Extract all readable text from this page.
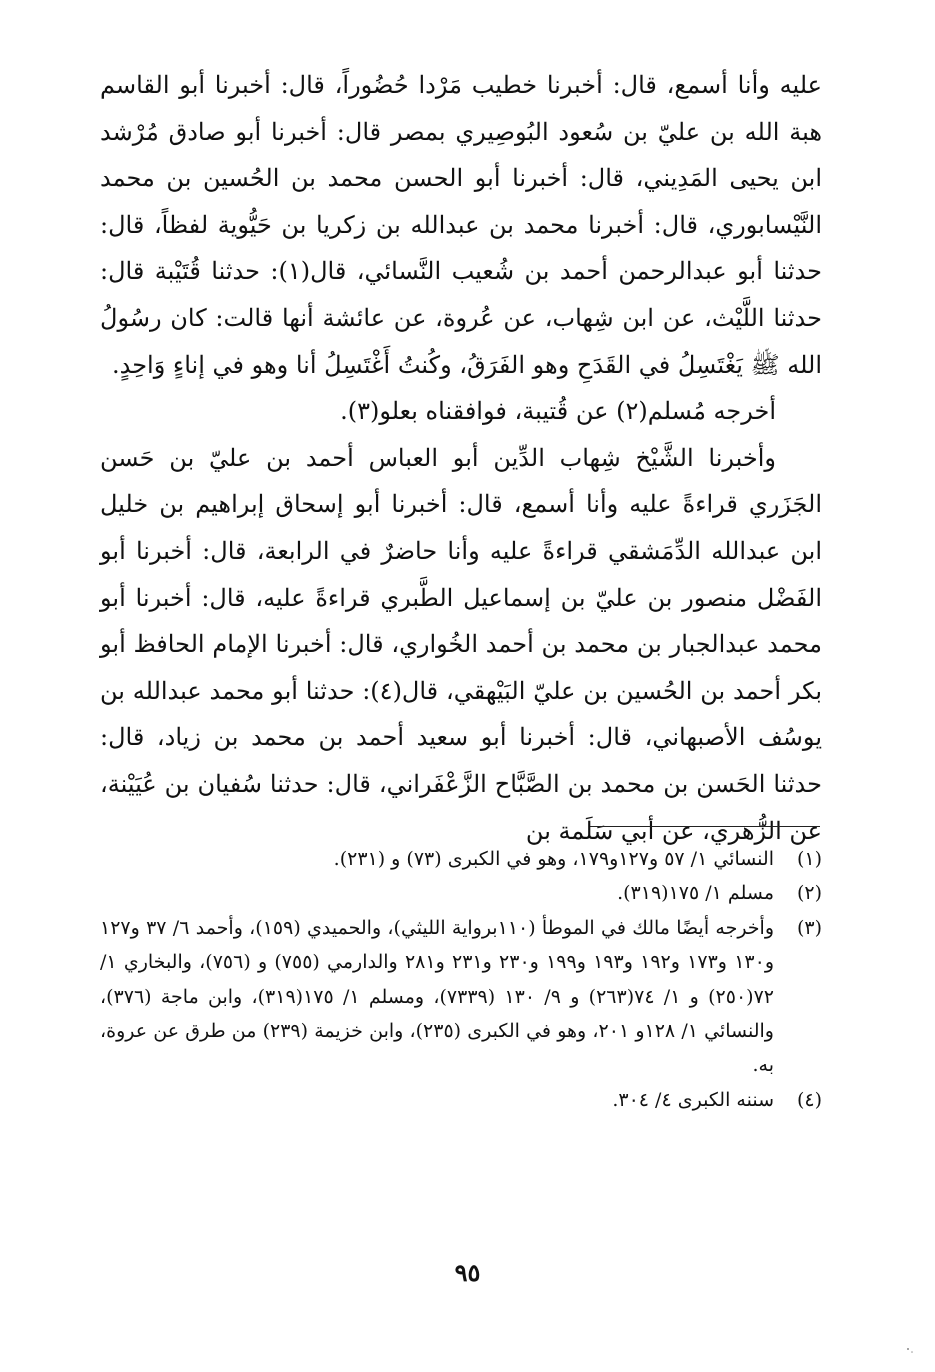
عليه وأنا أسمع، قال: أخبرنا خطيب مَرْدا حُضُوراً، قال: أخبرنا أبو القاسم هبة الله بن عليّ بن سُعود البُوصِيري بمصر قال: أخبرنا أبو صادق مُرْشد ابن يحيى المَدِيني، قال: أخبرنا أبو الحسن محمد بن الحُسين بن محمد النَّيْسابوري، قال: أخبرنا محمد بن عبدالله بن زكريا بن حَيُّوية لفظاً، قال: حدثنا أبو عبدالرحمن أحمد بن شُعيب النَّسائي، قال(١): حدثنا قُتَيْبة قال: حدثنا اللَّيْث، عن ابن شِهاب، عن عُروة، عن عائشة أنها قالت: كان رسُولُ الله ﷺ يَغْتَسِلُ في القَدَحِ وهو الفَرَقُ، وكُنتُ أَغْتَسِلُ أنا وهو في إناءٍ وَاحِدٍ.

أخرجه مُسلم(٢) عن قُتيبة، فوافقناه بعلو(٣).

وأخبرنا الشَّيْخ شِهاب الدِّين أبو العباس أحمد بن عليّ بن حَسن الجَزَري قراءةً عليه وأنا أسمع، قال: أخبرنا أبو إسحاق إبراهيم بن خليل ابن عبدالله الدِّمَشقي قراءةً عليه وأنا حاضرٌ في الرابعة، قال: أخبرنا أبو الفَضْل منصور بن عليّ بن إسماعيل الطَّبري قراءةً عليه، قال: أخبرنا أبو محمد عبدالجبار بن محمد بن أحمد الخُواري، قال: أخبرنا الإمام الحافظ أبو بكر أحمد بن الحُسين بن عليّ البَيْهقي، قال(٤): حدثنا أبو محمد عبدالله بن يوسُف الأصبهاني، قال: أخبرنا أبو سعيد أحمد بن محمد بن زياد، قال: حدثنا الحَسن بن محمد بن الصَّبَّاح الزَّعْفَراني، قال: حدثنا سُفيان بن عُيَيْنة، عن الزُّهري، عن أبي سَلَمة بن

(١)
النسائي ١/ ٥٧ و١٢٧و١٧٩، وهو في الكبرى (٧٣) و (٢٣١).
(٢)
مسلم ١/ ١٧٥(٣١٩).
(٣)
وأخرجه أيضًا مالك في الموطأ (١١٠برواية الليثي)، والحميدي (١٥٩)، وأحمد ٦/ ٣٧ و١٢٧ و١٣٠ و١٧٣ و١٩٢ و١٩٣ و١٩٩ و٢٣٠ و٢٣١ و٢٨١ والدارمي (٧٥٥) و (٧٥٦)، والبخاري ١/ ٧٢(٢٥٠) و ١/ ٧٤(٢٦٣) و ٩/ ١٣٠ (٧٣٣٩)، ومسلم ١/ ١٧٥(٣١٩)، وابن ماجة (٣٧٦)، والنسائي ١/ ١٢٨و ٢٠١، وهو في الكبرى (٢٣٥)، وابن خزيمة (٢٣٩) من طرق عن عروة، به.
(٤)
سننه الكبرى ٤/ ٣٠٤.
٩٥
